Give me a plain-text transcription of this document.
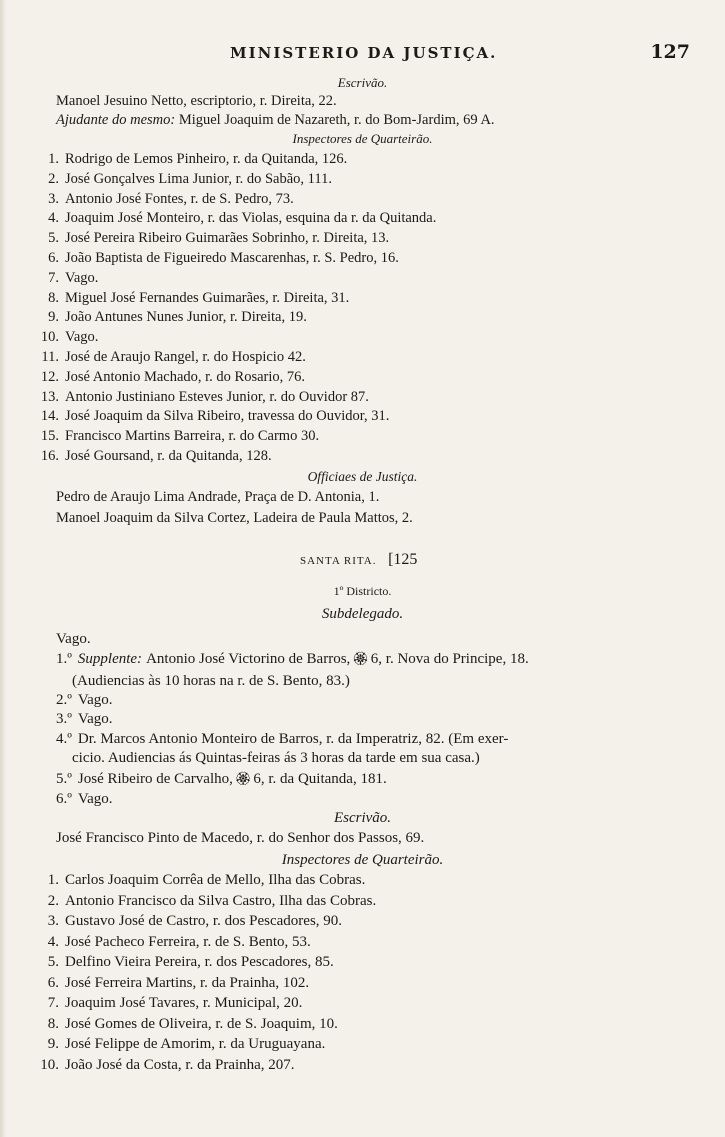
MINISTERIO DA JUSTIÇA.	127
Escrivão.
Manoel Jesuino Netto, escriptorio, r. Direita, 22.
Ajudante do mesmo: Miguel Joaquim de Nazareth, r. do Bom-Jardim, 69 A.
Inspectores de Quarteirão.
1. Rodrigo de Lemos Pinheiro, r. da Quitanda, 126.
2. José Gonçalves Lima Junior, r. do Sabão, 111.
3. Antonio José Fontes, r. de S. Pedro, 73.
4. Joaquim José Monteiro, r. das Violas, esquina da r. da Quitanda.
5. José Pereira Ribeiro Guimarães Sobrinho, r. Direita, 13.
6. João Baptista de Figueiredo Mascarenhas, r. S. Pedro, 16.
7. Vago.
8. Miguel José Fernandes Guimarães, r. Direita, 31.
9. João Antunes Nunes Junior, r. Direita, 19.
10. Vago.
11. José de Araujo Rangel, r. do Hospicio 42.
12. José Antonio Machado, r. do Rosario, 76.
13. Antonio Justiniano Esteves Junior, r. do Ouvidor 87.
14. José Joaquim da Silva Ribeiro, travessa do Ouvidor, 31.
15. Francisco Martins Barreira, r. do Carmo 30.
16. José Goursand, r. da Quitanda, 128.
Officiaes de Justiça.
Pedro de Araujo Lima Andrade, Praça de D. Antonia, 1.
Manoel Joaquim da Silva Cortez, Ladeira de Paula Mattos, 2.
SANTA RITA. [125
1º Districto.
Subdelegado.
Vago.
1.º Supplente: Antonio José Victorino de Barros, 🏵 6, r. Nova do Principe, 18.
(Audiencias às 10 horas na r. de S. Bento, 83.)
2.º Vago.
3.º Vago.
4.º Dr. Marcos Antonio Monteiro de Barros, r. da Imperatriz, 82. (Em exer-
cicio. Audiencias ás Quintas-feiras ás 3 horas da tarde em sua casa.)
5.º José Ribeiro de Carvalho, 🏵 6, r. da Quitanda, 181.
6.º Vago.
Escrivão.
José Francisco Pinto de Macedo, r. do Senhor dos Passos, 69.
Inspectores de Quarteirão.
1. Carlos Joaquim Corrêa de Mello, Ilha das Cobras.
2. Antonio Francisco da Silva Castro, Ilha das Cobras.
3. Gustavo José de Castro, r. dos Pescadores, 90.
4. José Pacheco Ferreira, r. de S. Bento, 53.
5. Delfino Vieira Pereira, r. dos Pescadores, 85.
6. José Ferreira Martins, r. da Prainha, 102.
7. Joaquim José Tavares, r. Municipal, 20.
8. José Gomes de Oliveira, r. de S. Joaquim, 10.
9. José Felippe de Amorim, r. da Uruguayana.
10. João José da Costa, r. da Prainha, 207.
